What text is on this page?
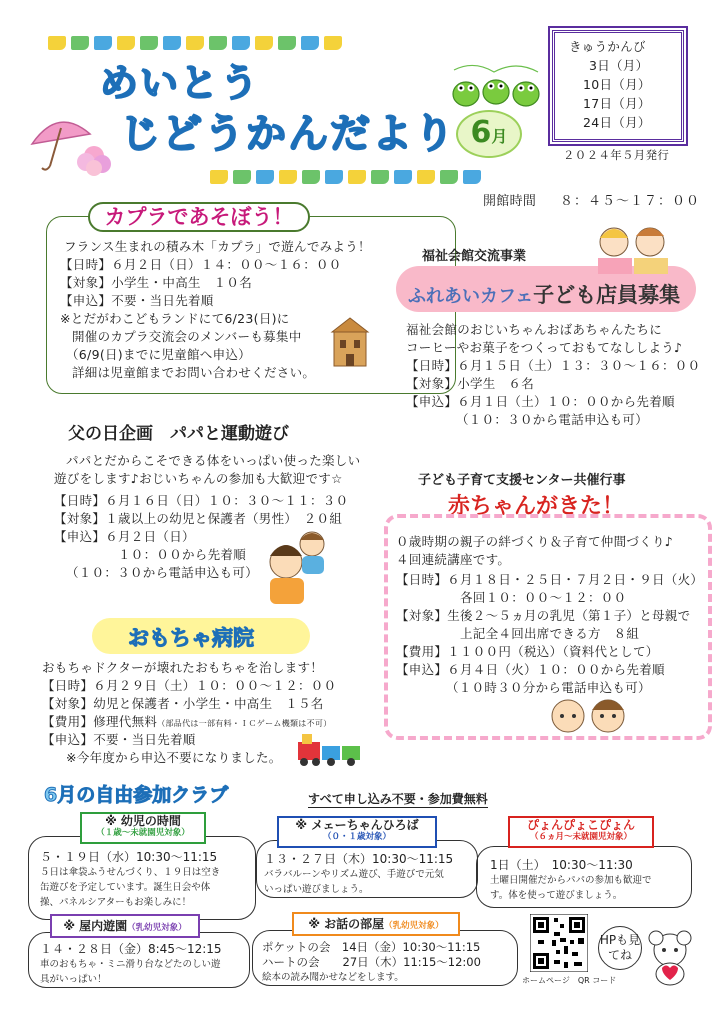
めいとう
じどうかんだより 6月
きゅうかんび
3日（月）
10日（月）
17日（月）
24日（月）
２０２４年５月発行
開館時間 ８：４５～１７：００
カプラであそぼう！
フランス生まれの積み木「カプラ」で遊んでみよう！
【日時】６月２日（日）１４：００～１６：００
【対象】小学生・中高生　１０名
【申込】不要・当日先着順
※とだがわこどもランドにて6/23(日)に
開催のカプラ交流会のメンバーも募集中
（6/9(日)までに児童館へ申込）
詳細は児童館までお問い合わせください。
福祉会館交流事業
ふれあいカフェ子ども店員募集
福祉会館のおじいちゃんおばあちゃんたちに
コーヒーやお菓子をつくっておもてなししよう♪
【日時】６月１５日（土）１３：３０～１６：００
【対象】小学生　６名
【申込】６月１日（土）１０：００から先着順
（１０：３０から電話申込も可）
父の日企画　パパと運動遊び
パパとだからこそできる体をいっぱい使った楽しい
遊びをします♪おじいちゃんの参加も大歓迎です☆
【日時】６月１６日（日）１０：３０～１１：３０
【対象】１歳以上の幼児と保護者（男性）　２０組
【申込】６月２日（日）
１０：００から先着順
（１０：３０から電話申込も可）
子ども子育て支援センター共催行事
赤ちゃんがきた！
０歳時期の親子の絆づくり＆子育て仲間づくり♪
４回連続講座です。
【日時】６月１８日・２５日・７月２日・９日（火）
各回１０：００～１２：００
【対象】生後２～５ヵ月の乳児（第１子）と母親で
上記全４回出席できる方　８組
【費用】１１００円（税込）（資料代として）
【申込】６月４日（火）１０：００から先着順
（１０時３０分から電話申込も可）
おもちゃ病院
おもちゃドクターが壊れたおもちゃを治します！
【日時】６月２９日（土）１０：００～１２：００
【対象】幼児と保護者・小学生・中高生　１５名
【費用】修理代無料（部品代は一部有料・ＩＣゲーム機類は不可）
【申込】不要・当日先着順
※今年度から申込不要になりました。
6月の自由参加クラブ	すべて申し込み不要・参加費無料
※ 幼児の時間
（１歳～未就園児対象）
５・１９日（水）10:30～11:15
５日は傘袋ふうせんづくり、１９日は空き
缶遊びを予定しています。誕生日会や体
操、パネルシアターもお楽しみに！
※ メェーちゃんひろば
（０・１歳対象）
１３・２７日（木）10:30～11:15
バラバルーンやリズム遊び、手遊びで元気
いっぱい遊びましょう。
ぴょんぴょこぴょん
（６ヵ月～未就園児対象）
1日（土）　10:30～11:30
土曜日開催だからパパの参加も歓迎で
す。体を使って遊びましょう。
※ 屋内遊園（乳幼児対象）
１４・２８日（金）8:45～12:15
車のおもちゃ・ミニ滑り台などたのしい遊
具がいっぱい！
※ お話の部屋（乳幼児対象）
ポケットの会　14日（金）10:30～11:15
ハートの会　　27日（木）11:15～12:00
絵本の読み聞かせなどをします。	ホームページ　QR コード
HPも見てね
